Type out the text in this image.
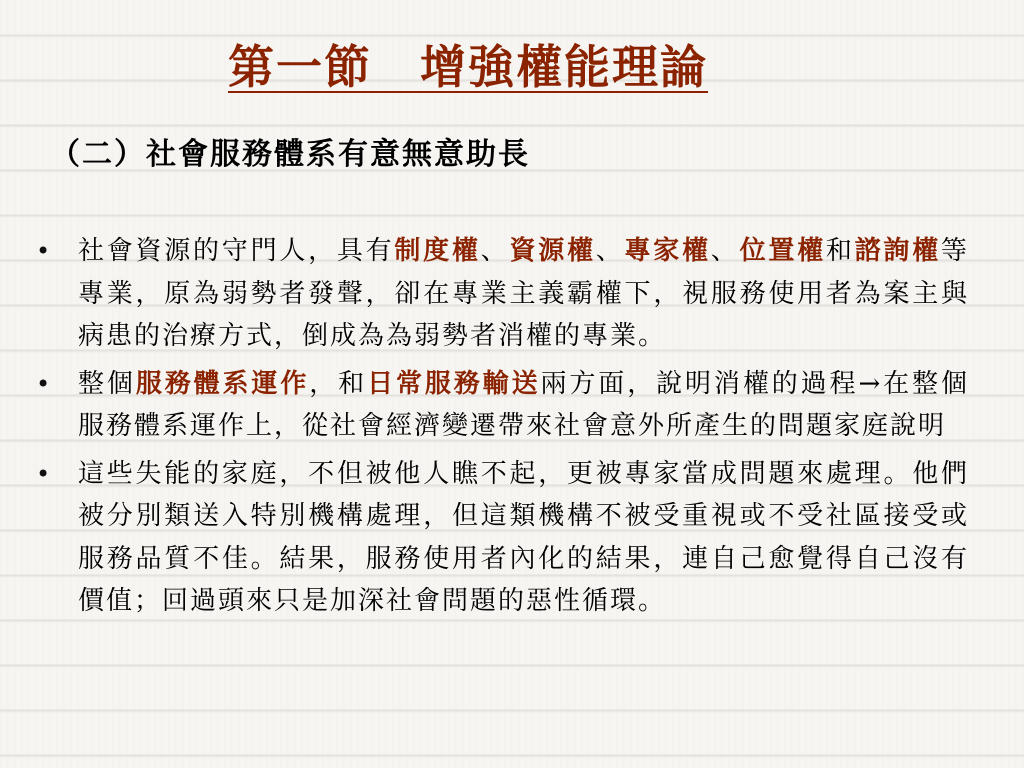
第一節　增強權能理論
（二）社會服務體系有意無意助長
• 社會資源的守門人，具有制度權、資源權、專家權、位置權和諮詢權等專業，原為弱勢者發聲，卻在專業主義霸權下，視服務使用者為案主與病患的治療方式，倒成為為弱勢者消權的專業。
• 整個服務體系運作，和日常服務輸送兩方面，說明消權的過程→在整個服務體系運作上，從社會經濟變遷帶來社會意外所產生的問題家庭說明
• 這些失能的家庭，不但被他人瞧不起，更被專家當成問題來處理。他們被分別類送入特別機構處理，但這類機構不被受重視或不受社區接受或服務品質不佳。結果，服務使用者內化的結果，連自己愈覺得自己沒有價值；回過頭來只是加深社會問題的惡性循環。
